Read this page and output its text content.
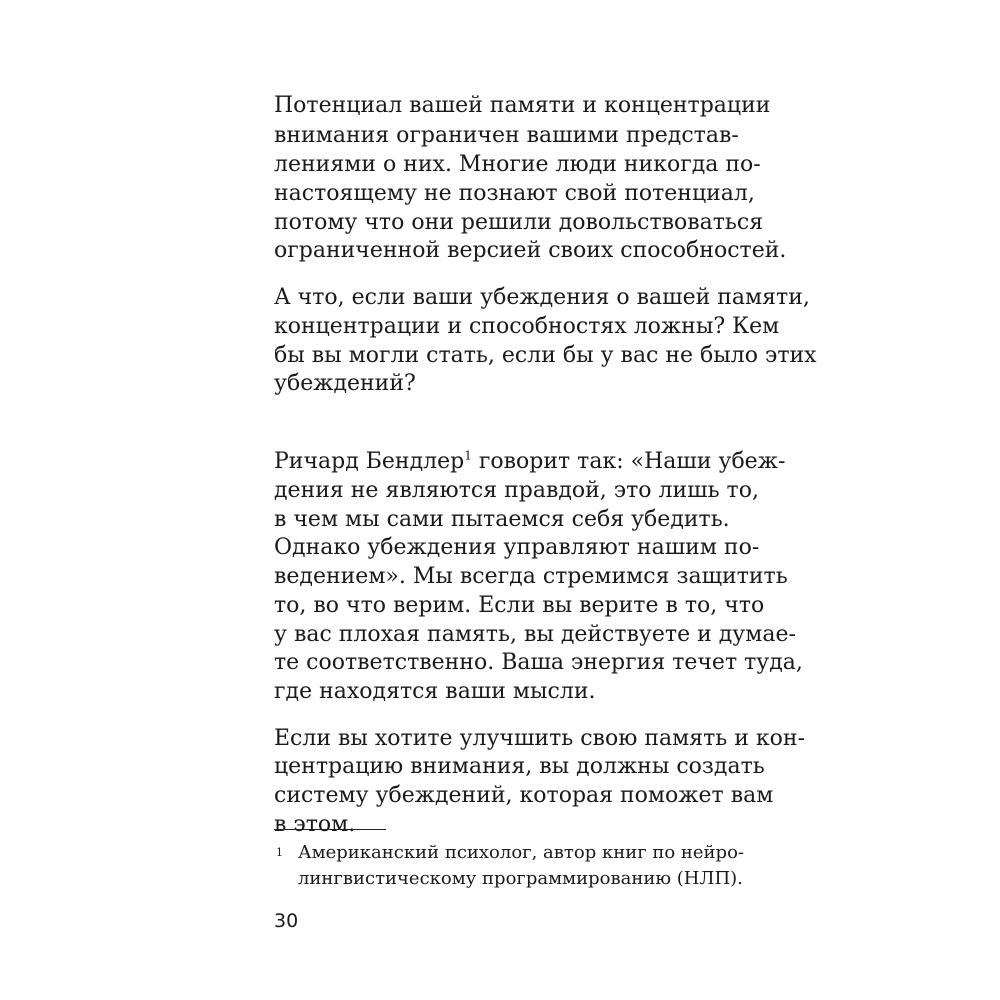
Потенциал вашей памяти и концентрации
внимания ограничен вашими представ-
лениями о них. Многие люди никогда по-
настоящему не познают свой потенциал,
потому что они решили довольствоваться
ограниченной версией своих способностей.
А что, если ваши убеждения о вашей памяти,
концентрации и способностях ложны? Кем
бы вы могли стать, если бы у вас не было этих
убеждений?
Ричард Бендлер$^1$ говорит так: «Наши убеж-
дения не являются правдой, это лишь то,
в чем мы сами пытаемся себя убедить.
Однако убеждения управляют нашим по-
ведением». Мы всегда стремимся защитить
то, во что верим. Если вы верите в то, что
у вас плохая память, вы действуете и думае-
те соответственно. Ваша энергия течет туда,
где находятся ваши мысли.
Если вы хотите улучшить свою память и кон-
центрацию внимания, вы должны создать
систему убеждений, которая поможет вам
в этом.
1 Американский психолог, автор книг по нейро-
лингвистическому программированию (НЛП).
30
